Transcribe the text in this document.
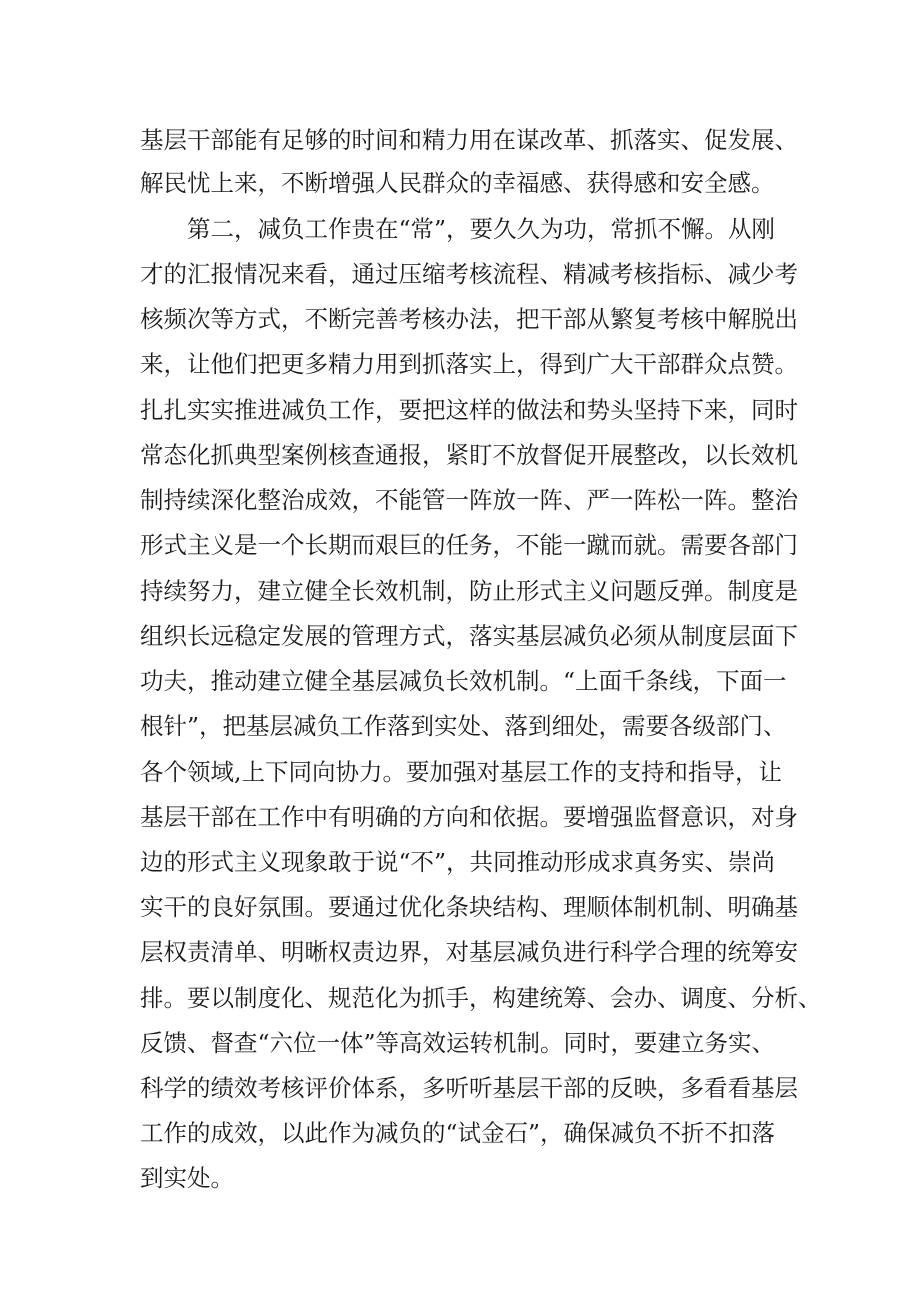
基层干部能有足够的时间和精力用在谋改革、抓落实、促发展、
解民忧上来，不断增强人民群众的幸福感、获得感和安全感。
第二，减负工作贵在“常”，要久久为功，常抓不懈。从刚
才的汇报情况来看，通过压缩考核流程、精减考核指标、减少考
核频次等方式，不断完善考核办法，把干部从繁复考核中解脱出
来，让他们把更多精力用到抓落实上，得到广大干部群众点赞。
扎扎实实推进减负工作，要把这样的做法和势头坚持下来，同时
常态化抓典型案例核查通报，紧盯不放督促开展整改，以长效机
制持续深化整治成效，不能管一阵放一阵、严一阵松一阵。整治
形式主义是一个长期而艰巨的任务，不能一蹴而就。需要各部门
持续努力，建立健全长效机制，防止形式主义问题反弹。制度是
组织长远稳定发展的管理方式，落实基层减负必须从制度层面下
功夫，推动建立健全基层减负长效机制。“上面千条线，下面一
根针”，把基层减负工作落到实处、落到细处，需要各级部门、
各个领域,上下同向协力。要加强对基层工作的支持和指导，让
基层干部在工作中有明确的方向和依据。要增强监督意识，对身
边的形式主义现象敢于说“不”，共同推动形成求真务实、崇尚
实干的良好氛围。要通过优化条块结构、理顺体制机制、明确基
层权责清单、明晰权责边界，对基层减负进行科学合理的统筹安
排。要以制度化、规范化为抓手，构建统筹、会办、调度、分析、
反馈、督查“六位一体”等高效运转机制。同时，要建立务实、
科学的绩效考核评价体系，多听听基层干部的反映，多看看基层
工作的成效，以此作为减负的“试金石”，确保减负不折不扣落
到实处。
